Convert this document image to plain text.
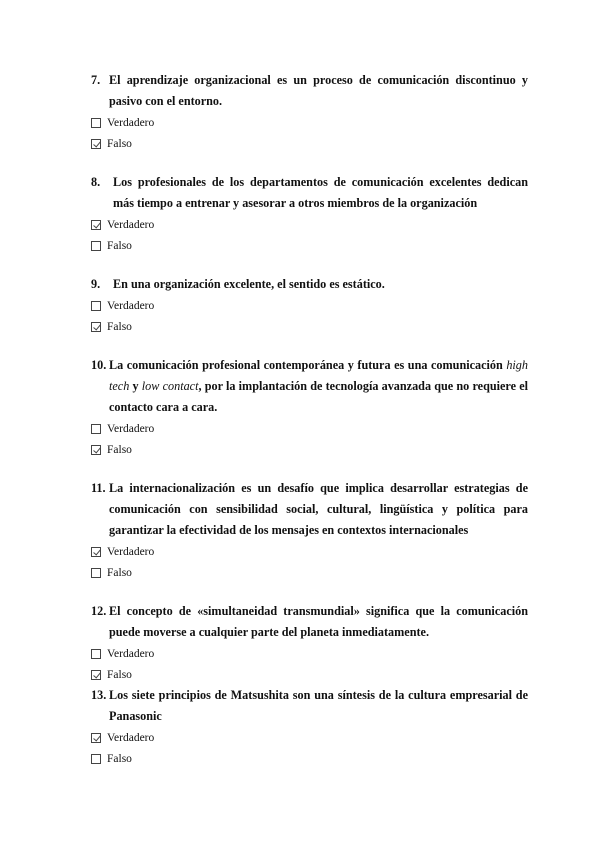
7. El aprendizaje organizacional es un proceso de comunicación discontinuo y pasivo con el entorno.

Verdadero
Falso

8.	Los profesionales de los departamentos de comunicación excelentes dedican más tiempo a entrenar y asesorar a otros miembros de la organización

Verdadero
Falso

9.	En una organización excelente, el sentido es estático.

Verdadero
Falso

10. La comunicación profesional contemporánea y futura es una comunicación high tech y low contact, por la implantación de tecnología avanzada que no requiere el contacto cara a cara.

Verdadero
Falso

11. La internacionalización es un desafío que implica desarrollar estrategias de comunicación con sensibilidad social, cultural, lingüística y política para garantizar la efectividad de los mensajes en contextos internacionales

Verdadero
Falso

12. El concepto de «simultaneidad transmundial» significa que la comunicación puede moverse a cualquier parte del planeta inmediatamente.

Verdadero
Falso

13. Los siete principios de Matsushita son una síntesis de la cultura empresarial de Panasonic

Verdadero
Falso
